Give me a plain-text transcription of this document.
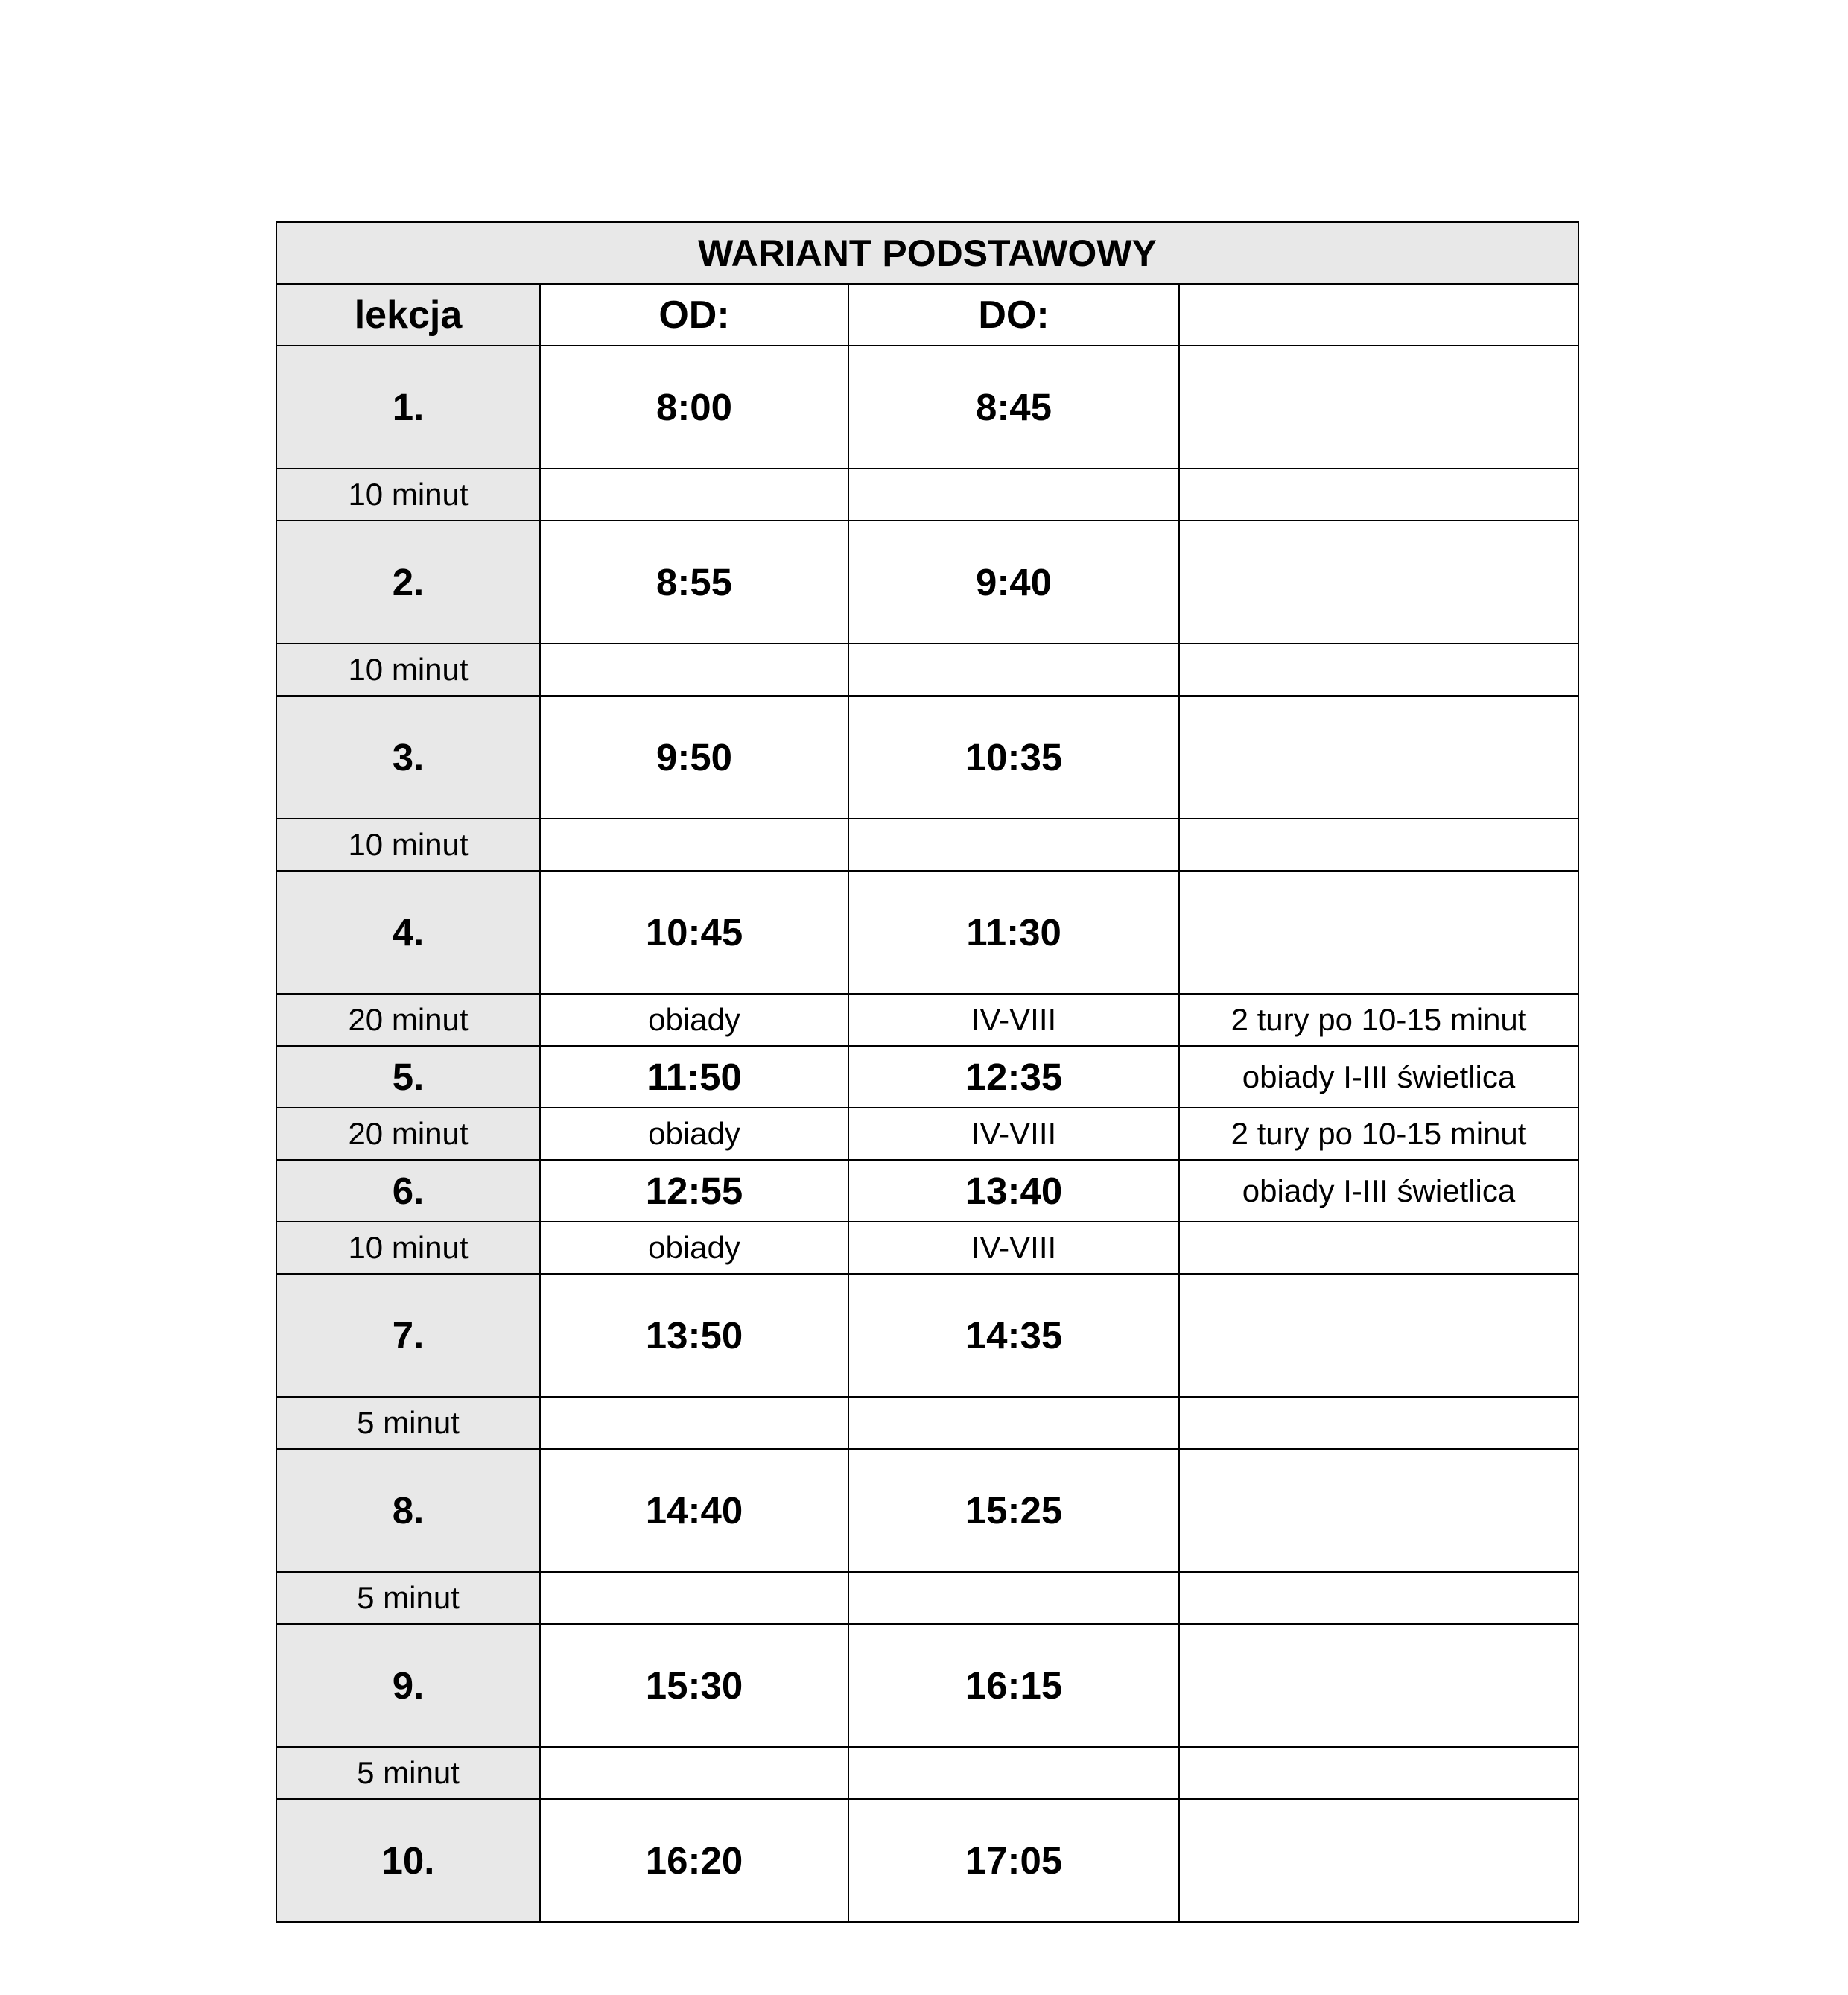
WARIANT PODSTAWOWY			
lekcja	OD:	DO:	
1.	8:00	8:45	
10 minut			
2.	8:55	9:40	
10 minut			
3.	9:50	10:35	
10 minut			
4.	10:45	11:30	
20 minut	obiady	IV-VIII	2 tury po 10-15 minut
5.	11:50	12:35	obiady I-III świetlica
20 minut	obiady	IV-VIII	2 tury po 10-15 minut
6.	12:55	13:40	obiady I-III świetlica
10 minut	obiady	IV-VIII	
7.	13:50	14:35	
5 minut			
8.	14:40	15:25	
5 minut			
9.	15:30	16:15	
5 minut			
10.	16:20	17:05	
